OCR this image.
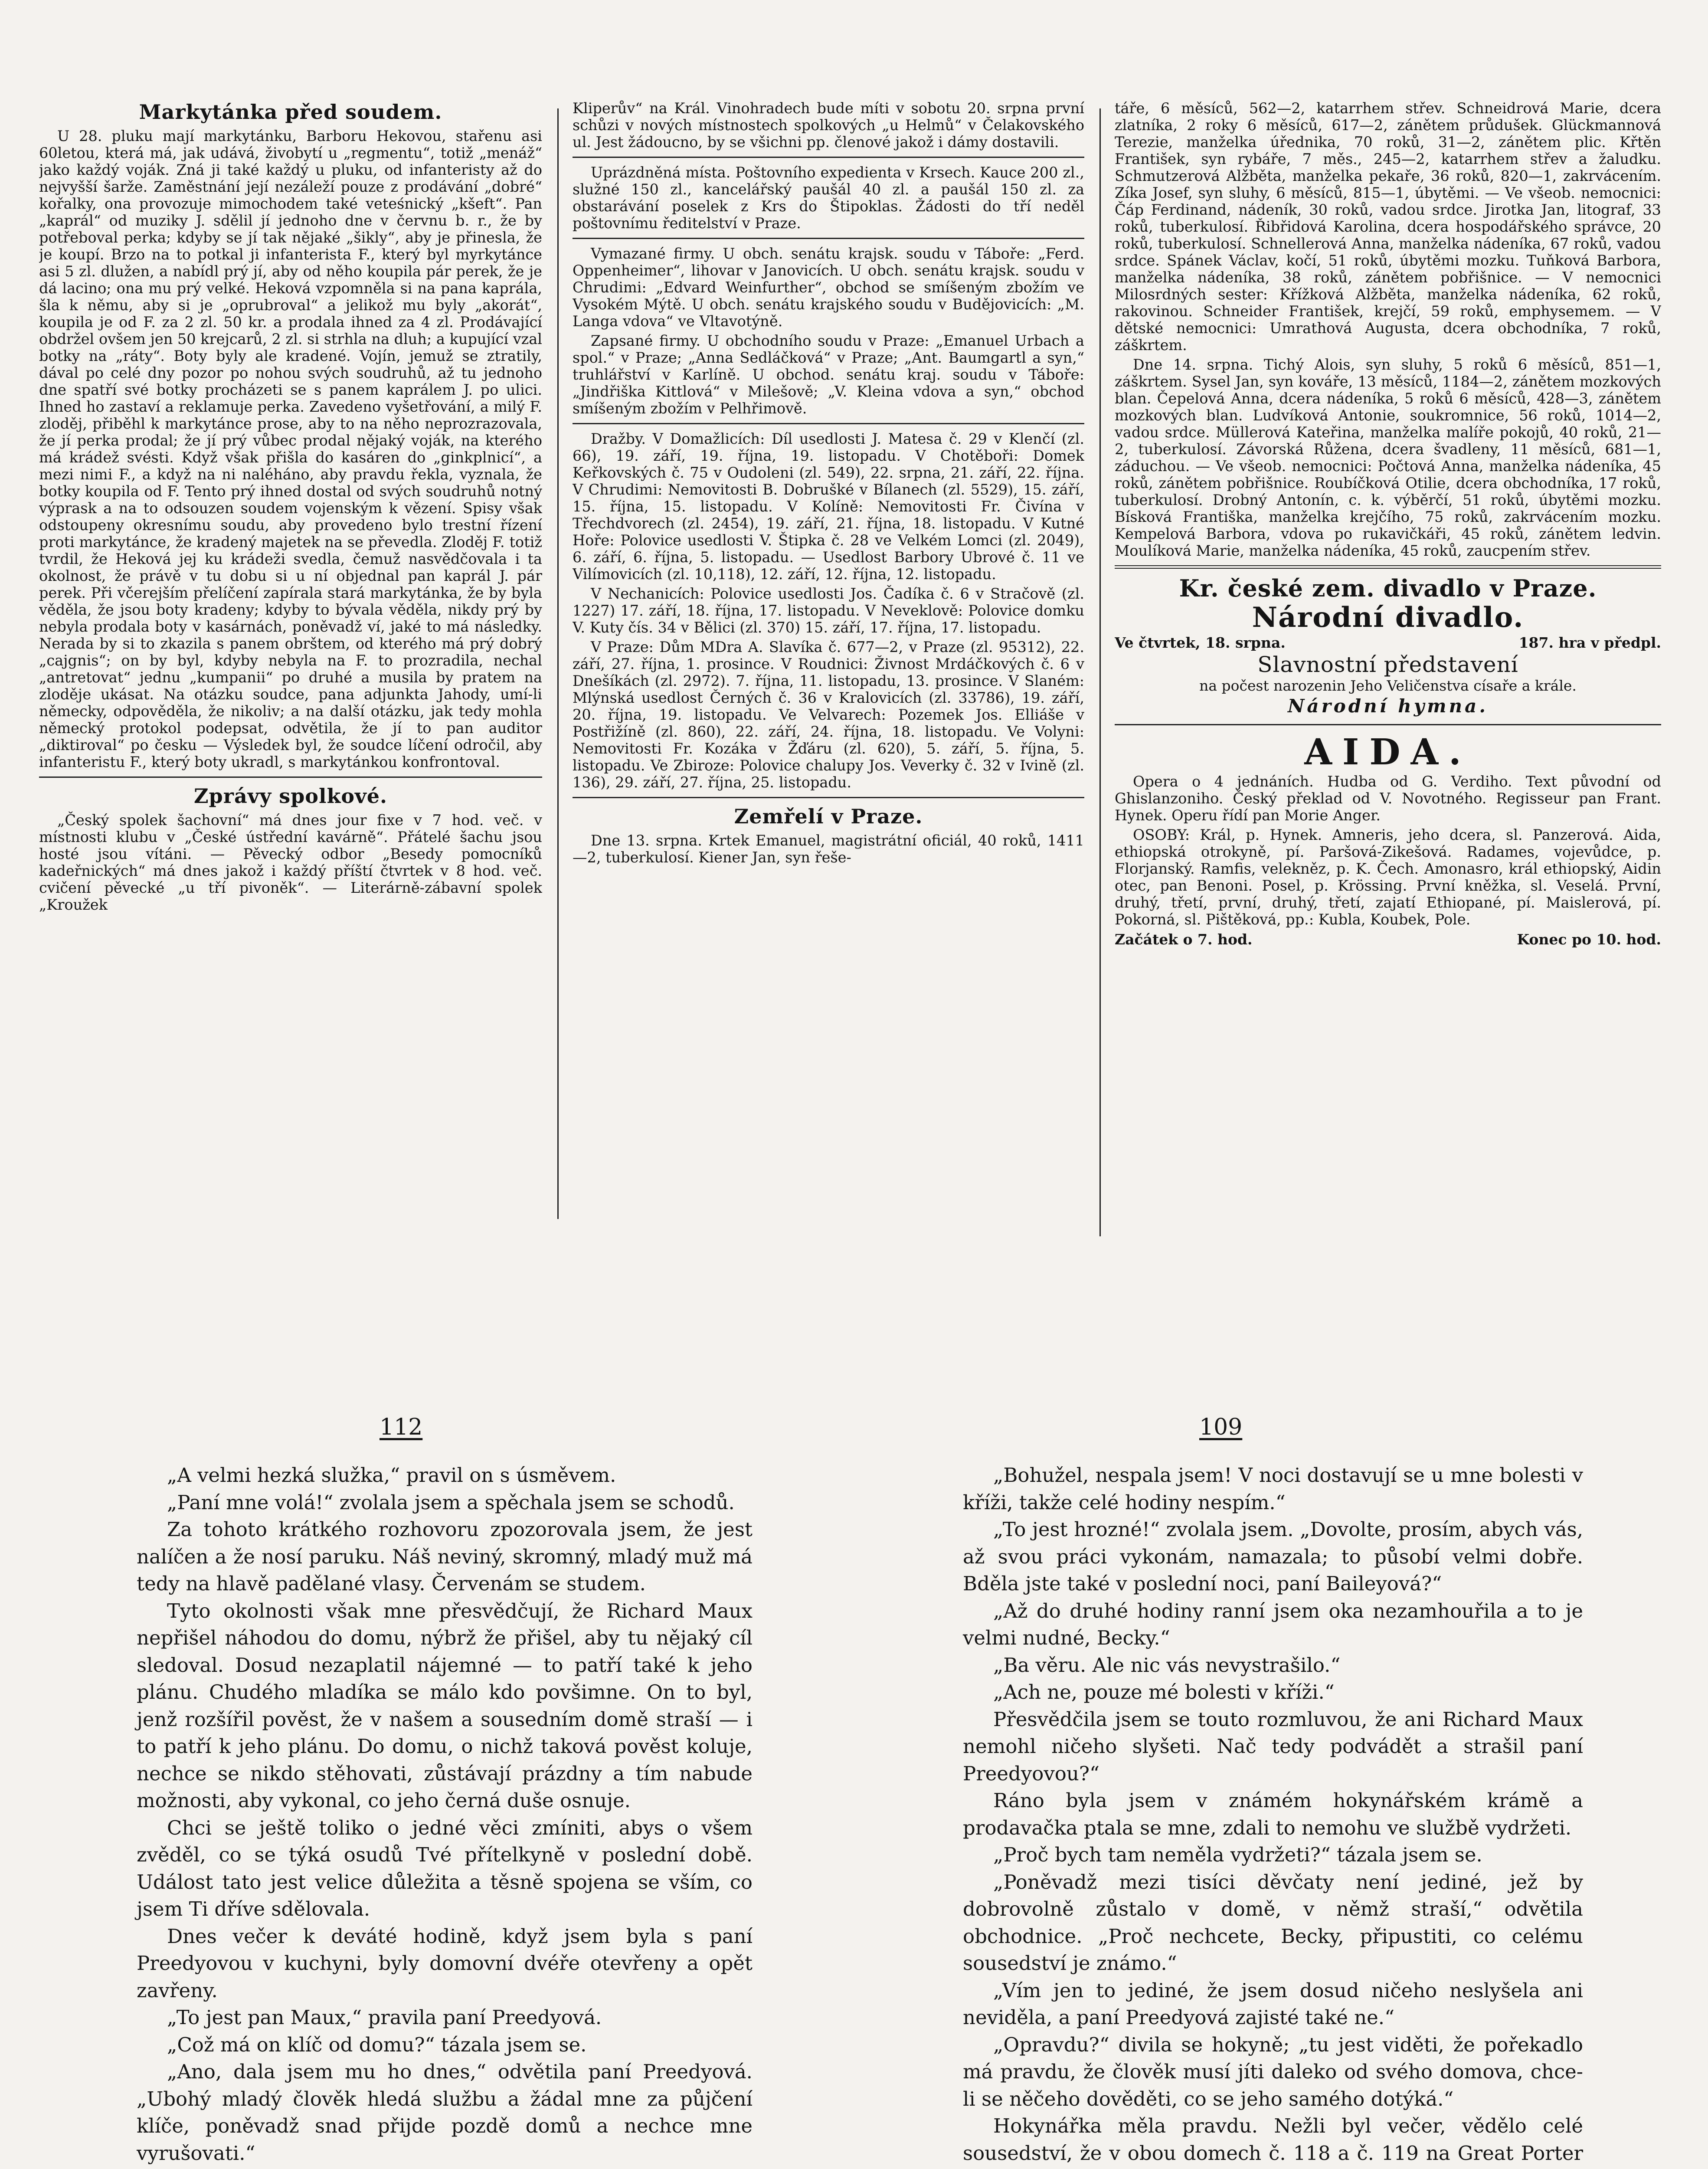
Markytánka před soudem.

U 28. pluku mají markytánku, Barboru Hekovou, stařenu asi 60letou, která má, jak udává, živobytí u „regmentu“, totiž „menáž“ jako každý voják. Zná ji také každý u pluku, od infanteristy až do nejvyšší šarže. Zaměstnání její nezáleží pouze z prodávání „dobré“ kořalky, ona provozuje mimochodem také veteśnický „kšeft“. Pan „kaprál“ od muziky J. sdělil jí jednoho dne v červnu b. r., že by potřeboval perka; kdyby se jí tak nějaké „šikly“, aby je přinesla, že je koupí. Brzo na to potkal ji infanterista F., který byl myrkytánce asi 5 zl. dlužen, a nabídl prý jí, aby od něho koupila pár perek, že je dá lacino; ona mu prý velké. Heková vzpomněla si na pana kaprála, šla k němu, aby si je „oprubroval“ a jelikož mu byly „akorát“, koupila je od F. za 2 zl. 50 kr. a prodala ihned za 4 zl. Prodávající obdržel ovšem jen 50 krejcarů, 2 zl. si strhla na dluh; a kupující vzal botky na „ráty“. Boty byly ale kradené. Vojín, jemuž se ztratily, dával po celé dny pozor po nohou svých soudruhů, až tu jednoho dne spatří své botky procházeti se s panem kaprálem J. po ulici. Ihned ho zastaví a reklamuje perka. Zavedeno vyšetřování, a milý F. zloděj, přiběhl k markytánce prose, aby to na něho neprozrazovala, že jí perka prodal; že jí prý vůbec prodal nějaký voják, na kterého má krádež svésti. Když však přišla do kasáren do „ginkplnicí“, a mezi nimi F., a když na ni naléháno, aby pravdu řekla, vyznala, že botky koupila od F. Tento prý ihned dostal od svých soudruhů notný výprask a na to odsouzen soudem vojenským k vězení. Spisy však odstoupeny okresnímu soudu, aby provedeno bylo trestní řízení proti markytánce, že kradený majetek na se převedla. Zloděj F. totiž tvrdil, že Heková jej ku krádeži svedla, čemuž nasvědčovala i ta okolnost, že právě v tu dobu si u ní objednal pan kaprál J. pár perek. Při včerejším přelíčení zapírala stará markytánka, že by byla věděla, že jsou boty kradeny; kdyby to bývala věděla, nikdy prý by nebyla prodala boty v kasárnách, poněvadž ví, jaké to má následky. Nerada by si to zkazila s panem obrštem, od kterého má prý dobrý „cajgnis“; on by byl, kdyby nebyla na F. to prozradila, nechal „antretovat“ jednu „kumpanii“ po druhé a musila by pratem na zloděje ukásat. Na otázku soudce, pana adjunkta Jahody, umí-li německy, odpověděla, že nikoliv; a na další otázku, jak tedy mohla německý protokol podepsat, odvětila, že jí to pan auditor „diktiroval“ po česku — Výsledek byl, že soudce líčení odročil, aby infanteristu F., který boty ukradl, s markytánkou konfrontoval.

Zprávy spolkové.

„Český spolek šachovní“ má dnes jour fixe v 7 hod. več. v místnosti klubu v „České ústřední kavárně“. Přátelé šachu jsou hosté jsou vítáni. — Pěvecký odbor „Besedy pomocníků kadeřnických“ má dnes jakož i každý příští čtvrtek v 8 hod. več. cvičení pěvecké „u tří pivoněk“. — Literárně-zábavní spolek „Kroužek

Kliperův“ na Král. Vinohradech bude míti v sobotu 20. srpna první schůzi v nových místnostech spolkových „u Helmů“ v Čelakovského ul. Jest žádoucno, by se všichni pp. členové jakož i dámy dostavili.

Uprázdněná místa. Poštovního expedienta v Krsech. Kauce 200 zl., služné 150 zl., kancelářský paušál 40 zl. a paušál 150 zl. za obstarávání poselek z Krs do Štipoklas. Žádosti do tří neděl poštovnímu ředitelství v Praze.

Vymazané firmy. U obch. senátu krajsk. soudu v Táboře: „Ferd. Oppenheimer“, lihovar v Janovicích. U obch. senátu krajsk. soudu v Chrudimi: „Edvard Weinfurther“, obchod se smíšeným zbožím ve Vysokém Mýtě. U obch. senátu krajského soudu v Budějovicích: „M. Langa vdova“ ve Vltavotýně.

Zapsané firmy. U obchodního soudu v Praze: „Emanuel Urbach a spol.“ v Praze; „Anna Sedláčková“ v Praze; „Ant. Baumgartl a syn,“ truhlářství v Karlíně. U obchod. senátu kraj. soudu v Táboře: „Jindřiška Kittlová“ v Milešově; „V. Kleina vdova a syn,“ obchod smíšeným zbožím v Pelhřimově.

Dražby. V Domažlicích: Díl usedlosti J. Matesa č. 29 v Klenčí (zl. 66), 19. září, 19. října, 19. listopadu. V Chotěboři: Domek Keřkovských č. 75 v Oudoleni (zl. 549), 22. srpna, 21. září, 22. října. V Chrudimi: Nemovitosti B. Dobrušké v Bílanech (zl. 5529), 15. září, 15. října, 15. listopadu. V Kolíně: Nemovitosti Fr. Čivína v Třechdvorech (zl. 2454), 19. září, 21. října, 18. listopadu. V Kutné Hoře: Polovice usedlosti V. Štipka č. 28 ve Velkém Lomci (zl. 2049), 6. září, 6. října, 5. listopadu. — Usedlost Barbory Ubrové č. 11 ve Vilímovicích (zl. 10,118), 12. září, 12. října, 12. listopadu.

V Nechanicích: Polovice usedlosti Jos. Čadíka č. 6 v Stračově (zl. 1227) 17. září, 18. října, 17. listopadu. V Neveklově: Polovice domku V. Kuty čís. 34 v Bělici (zl. 370) 15. září, 17. října, 17. listopadu.

V Praze: Dům MDra A. Slavíka č. 677—2, v Praze (zl. 95312), 22. září, 27. října, 1. prosince. V Roudnici: Živnost Mrdáčkových č. 6 v Dnešíkách (zl. 2972). 7. října, 11. listopadu, 13. prosince. V Slaném: Mlýnská usedlost Černých č. 36 v Kralovicích (zl. 33786), 19. září, 20. října, 19. listopadu. Ve Velvarech: Pozemek Jos. Elliáše v Postřižíně (zl. 860), 22. září, 24. října, 18. listopadu. Ve Volyni: Nemovitosti Fr. Kozáka v Žďáru (zl. 620), 5. září, 5. října, 5. listopadu. Ve Zbiroze: Polovice chalupy Jos. Veverky č. 32 v Ivině (zl. 136), 29. září, 27. října, 25. listopadu.

Zemřelí v Praze.

Dne 13. srpna. Krtek Emanuel, magistrátní oficiál, 40 roků, 1411—2, tuberkulosí. Kiener Jan, syn řeše-

táře, 6 měsíců, 562—2, katarrhem střev. Schneidrová Marie, dcera zlatníka, 2 roky 6 měsíců, 617—2, zánětem průdušek. Glückmannová Terezie, manželka úřednika, 70 roků, 31—2, zánětem plic. Křtěn František, syn rybáře, 7 měs., 245—2, katarrhem střev a žaludku. Schmutzerová Alžběta, manželka pekaře, 36 roků, 820—1, zakrvácením. Zíka Josef, syn sluhy, 6 měsíců, 815—1, úbytěmi. — Ve všeob. nemocnici: Čáp Ferdinand, nádeník, 30 roků, vadou srdce. Jirotka Jan, litograf, 33 roků, tuberkulosí. Řibřidová Karolina, dcera hospodářského správce, 20 roků, tuberkulosí. Schnellerová Anna, manželka nádeníka, 67 roků, vadou srdce. Spánek Václav, kočí, 51 roků, úbytěmi mozku. Tuňková Barbora, manželka nádeníka, 38 roků, zánětem pobřišnice. — V nemocnici Milosrdných sester: Křížková Alžběta, manželka nádeníka, 62 roků, rakovinou. Schneider František, krejčí, 59 roků, emphysemem. — V dětské nemocnici: Umrathová Augusta, dcera obchodníka, 7 roků, záškrtem.

Dne 14. srpna. Tichý Alois, syn sluhy, 5 roků 6 měsíců, 851—1, záškrtem. Sysel Jan, syn kováře, 13 měsíců, 1184—2, zánětem mozkových blan. Čepelová Anna, dcera nádeníka, 5 roků 6 měsíců, 428—3, zánětem mozkových blan. Ludvíková Antonie, soukromnice, 56 roků, 1014—2, vadou srdce. Müllerová Kateřina, manželka malíře pokojů, 40 roků, 21—2, tuberkulosí. Závorská Růžena, dcera švadleny, 11 měsíců, 681—1, záduchou. — Ve všeob. nemocnici: Počtová Anna, manželka nádeníka, 45 roků, zánětem pobřišnice. Roubíčková Otilie, dcera obchodníka, 17 roků, tuberkulosí. Drobný Antonín, c. k. výběrčí, 51 roků, úbytěmi mozku. Bísková Františka, manželka krejčího, 75 roků, zakrvácením mozku. Kempelová Barbora, vdova po rukavičkáři, 45 roků, zánětem ledvin. Moulíková Marie, manželka nádeníka, 45 roků, zaucpením střev.

Kr. české zem. divadlo v Praze.
Národní divadlo.
Ve čtvrtek, 18. srpna.	187. hra v předpl.
Slavnostní představení
na počest narozenin Jeho Veličenstva císaře a krále.
Národní hymna.
AIDA.

Opera o 4 jednáních. Hudba od G. Verdiho. Text původní od Ghislanzoniho. Český překlad od V. Novotného. Regisseur pan Frant. Hynek. Operu řídí pan Morie Anger.

OSOBY: Král, p. Hynek. Amneris, jeho dcera, sl. Panzerová. Aida, ethiopská otrokyně, pí. Paršová-Zikešová. Radames, vojevůdce, p. Florjanský. Ramfis, velekněz, p. K. Čech. Amonasro, král ethiopský, Aidin otec, pan Benoni. Posel, p. Krössing. První kněžka, sl. Veselá. První, druhý, třetí, první, druhý, třetí, zajatí Ethiopané, pí. Maislerová, pí. Pokorná, sl. Pištěková, pp.: Kubla, Koubek, Pole.

Začátek o 7. hod.	Konec po 10. hod.
112

„A velmi hezká služka,“ pravil on s úsměvem.

„Paní mne volá!“ zvolala jsem a spěchala jsem se schodů.

Za tohoto krátkého rozhovoru zpozorovala jsem, že jest nalíčen a že nosí paruku. Náš neviný, skromný, mladý muž má tedy na hlavě padělané vlasy. Červenám se studem.

Tyto okolnosti však mne přesvědčují, že Richard Maux nepřišel náhodou do domu, nýbrž že přišel, aby tu nějaký cíl sledoval. Dosud nezaplatil nájemné — to patří také k jeho plánu. Chudého mladíka se málo kdo povšimne. On to byl, jenž rozšířil pověst, že v našem a sousedním domě straší — i to patří k jeho plánu. Do domu, o nichž taková pověst koluje, nechce se nikdo stěhovati, zůstávají prázdny a tím nabude možnosti, aby vykonal, co jeho černá duše osnuje.

Chci se ještě toliko o jedné věci zmíniti, abys o všem zvěděl, co se týká osudů Tvé přítelkyně v poslední době. Událost tato jest velice důležita a těsně spojena se vším, co jsem Ti dříve sdělovala.

Dnes večer k deváté hodině, když jsem byla s paní Preedyovou v kuchyni, byly domovní dvéře otevřeny a opět zavřeny.

„To jest pan Maux,“ pravila paní Preedyová.

„Což má on klíč od domu?“ tázala jsem se.

„Ano, dala jsem mu ho dnes,“ odvětila paní Preedyová. „Ubohý mladý člověk hledá službu a žádal mne za půjčení klíče, poněvadž snad přijde pozdě domů a nechce mne vyrušovati.“

109

„Bohužel, nespala jsem! V noci dostavují se u mne bolesti v kříži, takže celé hodiny nespím.“

„To jest hrozné!“ zvolala jsem. „Dovolte, prosím, abych vás, až svou práci vykonám, namazala; to působí velmi dobře. Bděla jste také v poslední noci, paní Baileyová?“

„Až do druhé hodiny ranní jsem oka nezamhouřila a to je velmi nudné, Becky.“

„Ba věru. Ale nic vás nevystrašilo.“

„Ach ne, pouze mé bolesti v kříži.“

Přesvědčila jsem se touto rozmluvou, že ani Richard Maux nemohl ničeho slyšeti. Nač tedy podvádět a strašil paní Preedyovou?“

Ráno byla jsem v známém hokynářském krámě a prodavačka ptala se mne, zdali to nemohu ve službě vydržeti.

„Proč bych tam neměla vydržeti?“ tázala jsem se.

„Poněvadž mezi tisíci děvčaty není jediné, jež by dobrovolně zůstalo v domě, v němž straší,“ odvětila obchodnice. „Proč nechcete, Becky, připustiti, co celému sousedství je známo.“

„Vím jen to jediné, že jsem dosud ničeho neslyšela ani neviděla, a paní Preedyová zajisté také ne.“

„Opravdu?“ divila se hokyně; „tu jest viděti, že pořekadlo má pravdu, že člověk musí jíti daleko od svého domova, chce-li se něčeho dověděti, co se jeho samého dotýká.“

Hokynářka měla pravdu. Nežli byl večer, vědělo celé sousedství, že v obou domech č. 118 a č. 119 na Great Porter
